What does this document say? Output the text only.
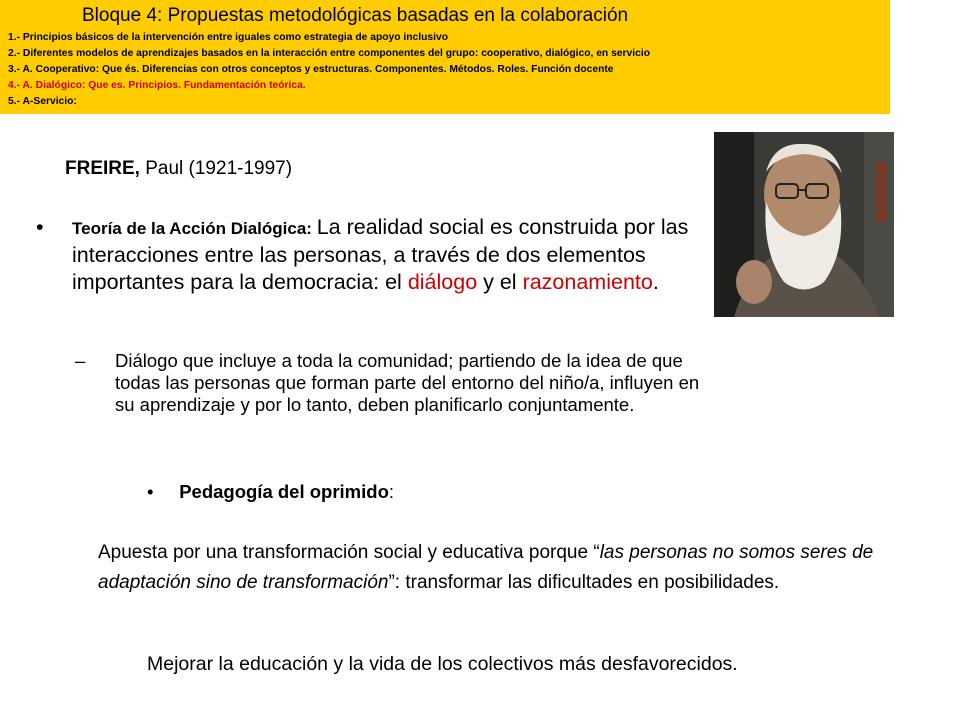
Bloque 4: Propuestas metodológicas basadas en la colaboración
1.- Principios básicos de la intervención entre iguales como estrategia de apoyo inclusivo
2.- Diferentes modelos de aprendizajes basados en la interacción entre componentes del grupo: cooperativo, dialógico, en servicio
3.- A. Cooperativo: Que és. Diferencias con otros conceptos y estructuras. Componentes. Métodos. Roles. Función docente
4.- A. Dialógico: Que es. Principios. Fundamentación teórica.
5.- A-Servicio:
FREIRE, Paul (1921-1997)
• Teoría de la Acción Dialógica: La realidad social es construida por las interacciones entre las personas, a través de dos elementos importantes para la democracia: el diálogo y el razonamiento.
– Diálogo que incluye a toda la comunidad; partiendo de la idea de que todas las personas que forman parte del entorno del niño/a, influyen en su aprendizaje y por lo tanto, deben planificarlo conjuntamente.
• Pedagogía del oprimido:
Apuesta por una transformación social y educativa porque “las personas no somos seres de adaptación sino de transformación”: transformar las dificultades en posibilidades.
Mejorar la educación y la vida de los colectivos más desfavorecidos.
